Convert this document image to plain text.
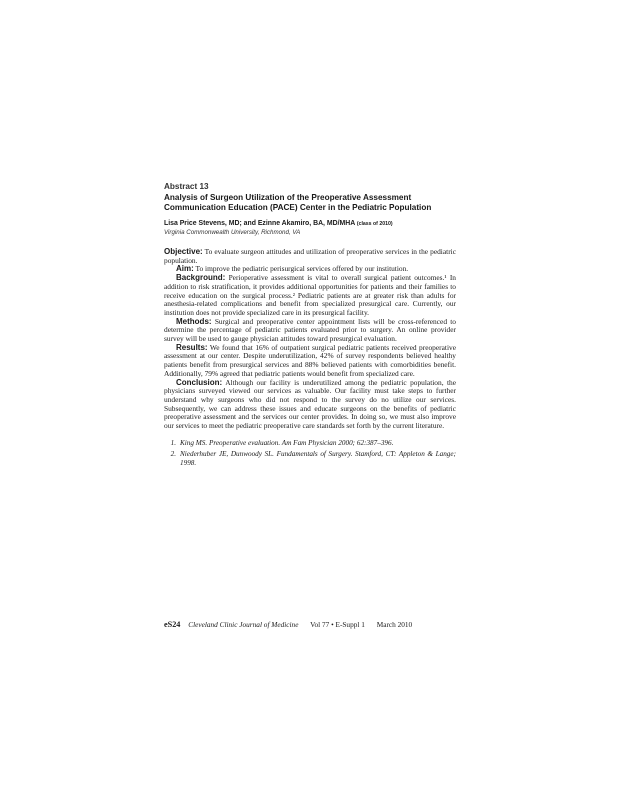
Abstract 13
Analysis of Surgeon Utilization of the Preoperative Assessment
Communication Education (PACE) Center in the Pediatric Population
Lisa Price Stevens, MD; and Ezinne Akamiro, BA, MD/MHA (class of 2010)
Virginia Commonwealth University, Richmond, VA

Objective: To evaluate surgeon attitudes and utilization of preoperative services in the pediatric population.

Aim: To improve the pediatric perisurgical services offered by our institution.

Background: Perioperative assessment is vital to overall surgical patient outcomes.¹ In addition to risk stratification, it provides additional opportunities for patients and their families to receive education on the surgical process.² Pediatric patients are at greater risk than adults for anesthesia-related complications and benefit from specialized presurgical care. Currently, our institution does not provide specialized care in its presurgical facility.

Methods: Surgical and preoperative center appointment lists will be cross-referenced to determine the percentage of pediatric patients evaluated prior to surgery. An online provider survey will be used to gauge physician attitudes toward presurgical evaluation.

Results: We found that 16% of outpatient surgical pediatric patients received preoperative assessment at our center. Despite underutilization, 42% of survey respondents believed healthy patients benefit from presurgical services and 88% believed patients with comorbidities benefit. Additionally, 79% agreed that pediatric patients would benefit from specialized care.

Conclusion: Although our facility is underutilized among the pediatric population, the physicians surveyed viewed our services as valuable. Our facility must take steps to further understand why surgeons who did not respond to the survey do no utilize our services. Subsequently, we can address these issues and educate surgeons on the benefits of pediatric preoperative assessment and the services our center provides. In doing so, we must also improve our services to meet the pediatric preoperative care standards set forth by the current literature.

1. King MS. Preoperative evaluation. Am Fam Physician 2000; 62:387–396.
2. Niederhuber JE, Dunwoody SL. Fundamentals of Surgery. Stamford, CT: Appleton & Lange; 1998.
eS24 Cleveland Clinic Journal of Medicine Vol 77 • E-Suppl 1 March 2010
